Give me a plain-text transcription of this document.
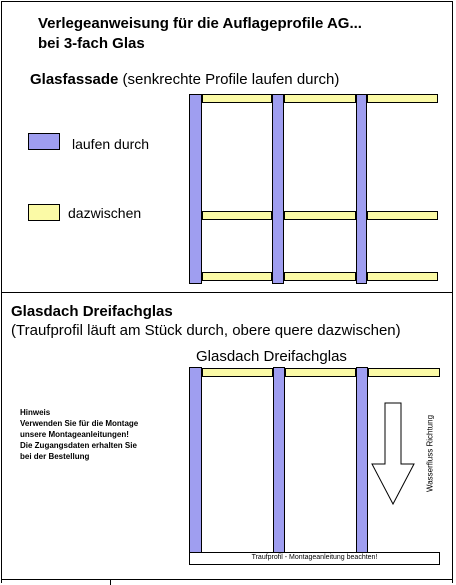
Verlegeanweisung für die Auflageprofile AG...
bei 3-fach Glas
Glasfassade (senkrechte Profile laufen durch)
laufen durch
dazwischen
Glasdach Dreifachglas
(Traufprofil läuft am Stück durch, obere quere dazwischen)
Glasdach Dreifachglas
Hinweis
Verwenden Sie für die Montage
unsere Montageanleitungen!
Die Zugangsdaten erhalten Sie
bei der Bestellung
Traufprofil - Montageanleitung beachten!
Wasserfluss Richtung
